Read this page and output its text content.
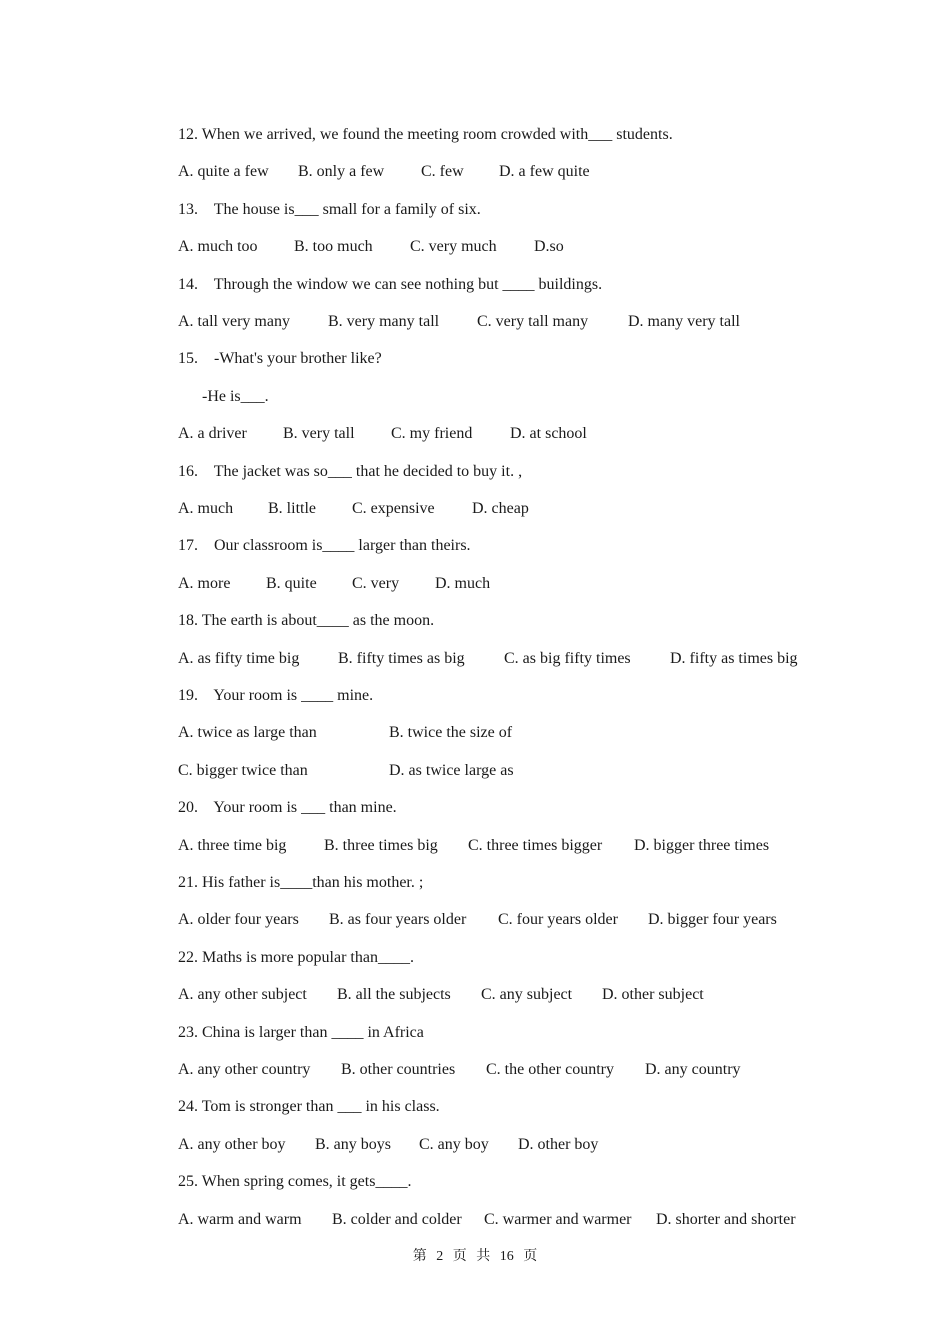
12. When we arrived, we found the meeting room crowded with___ students.
A. quite a few B. only a few C. few D. a few quite
13.    The house is___ small for a family of six.
A. much too B. too much C. very much D.so
14.    Through the window we can see nothing but ____ buildings.
A. tall very many B. very many tall C. very tall many D. many very tall
15.    -What's your brother like?
-He is___.
A. a driver B. very tall C. my friend D. at school
16.    The jacket was so___ that he decided to buy it. ,
A. much B. little C. expensive D. cheap
17.    Our classroom is____ larger than theirs.
A. more B. quite C. very D. much
18. The earth is about____ as the moon.
A. as fifty time big B. fifty times as big C. as big fifty times D. fifty as times big
19.    Your room is ____ mine.
A. twice as large than	B. twice the size of
C. bigger twice than	D. as twice large as
20.    Your room is ___ than mine.
A. three time big B. three times big C. three times bigger D. bigger three times
21. His father is____than his mother. ;
A. older four years B. as four years older C. four years older D. bigger four years
22. Maths is more popular than____.
A. any other subject B. all the subjects C. any subject D. other subject
23. China is larger than ____ in Africa
A. any other country B. other countries C. the other country D. any country
24. Tom is stronger than ___ in his class.
A. any other boy B. any boys C. any boy D. other boy
25. When spring comes, it gets____.
A. warm and warm B. colder and colder C. warmer and warmer D. shorter and shorter
第 2 页 共 16 页
